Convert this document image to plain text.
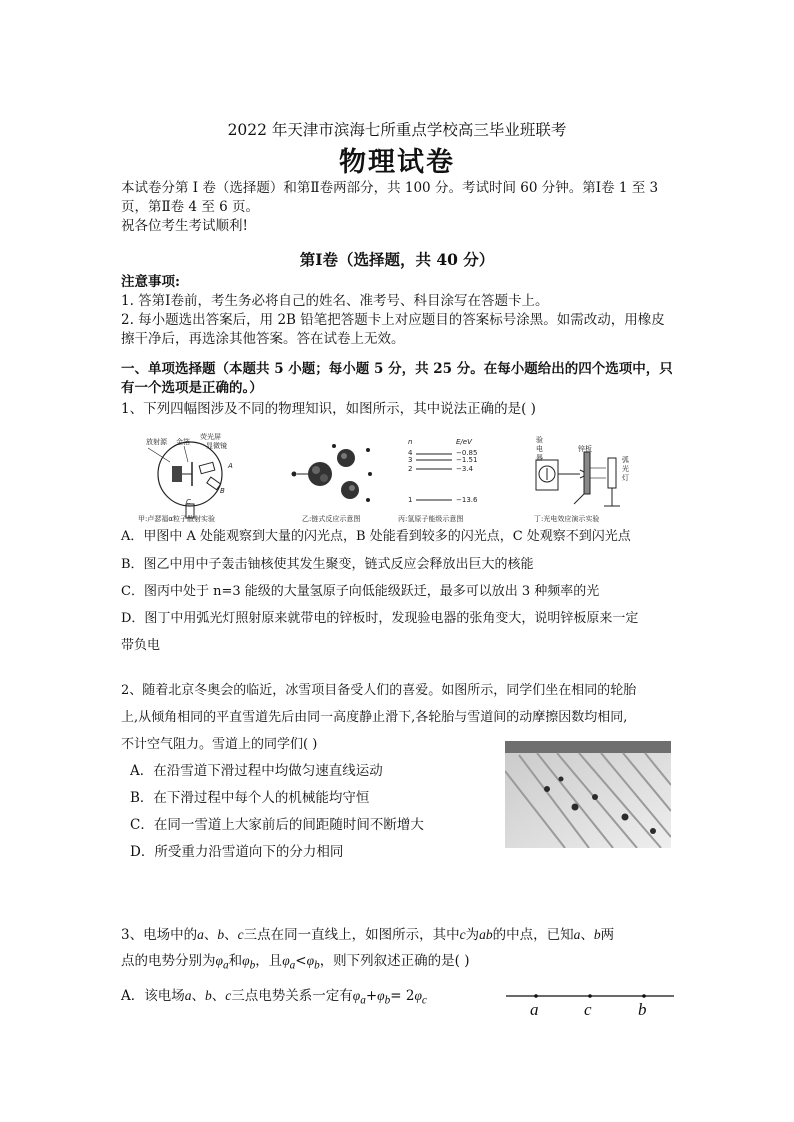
2022 年天津市滨海七所重点学校高三毕业班联考
物理试卷
本试卷分第 I 卷（选择题）和第Ⅱ卷两部分，共 100 分。考试时间 60 分钟。第Ⅰ卷 1 至 3
页，第Ⅱ卷 4 至 6 页。
祝各位考生考试顺利!
第Ⅰ卷（选择题，共 40 分）
注意事项:
1. 答第Ⅰ卷前，考生务必将自己的姓名、准考号、科目涂写在答题卡上。
2. 每小题选出答案后，用 2B 铅笔把答题卡上对应题目的答案标号涂黑。如需改动，用橡皮
擦干净后，再选涂其他答案。答在试卷上无效。
一、单项选择题（本题共 5 小题；每小题 5 分，共 25 分。在每小题给出的四个选项中，只
有一个选项是正确的。）
1、下列四幅图涉及不同的物理知识，如图所示，其中说法正确的是( )
放射源 金箔
荧光屏
显微镜
A
B
C
甲:卢瑟福α粒子散射实验	乙:链式反应示意图
n	E/eV
4	−0.85
3	−1.51
2	−3.4
1	−13.6
丙:氢原子能级示意图
验电器
锌板
弧光灯
丁:光电效应演示实验
A．甲图中 A 处能观察到大量的闪光点，B 处能看到较多的闪光点，C 处观察不到闪光点
B．图乙中用中子轰击铀核使其发生聚变，链式反应会释放出巨大的核能
C．图丙中处于 n=3 能级的大量氢原子向低能级跃迁，最多可以放出 3 种频率的光
D．图丁中用弧光灯照射原来就带电的锌板时，发现验电器的张角变大，说明锌板原来一定
带负电
2、随着北京冬奥会的临近，冰雪项目备受人们的喜爱。如图所示，同学们坐在相同的轮胎
上,从倾角相同的平直雪道先后由同一高度静止滑下,各轮胎与雪道间的动摩擦因数均相同,
不计空气阻力。雪道上的同学们( )
A．在沿雪道下滑过程中均做匀速直线运动
B．在下滑过程中每个人的机械能均守恒
C．在同一雪道上大家前后的间距随时间不断增大
D．所受重力沿雪道向下的分力相同
3、电场中的a、b、c三点在同一直线上，如图所示，其中c为ab的中点，已知a、b两
点的电势分别为$\varphi_a$和$\varphi_b$，且$\varphi_a<\varphi_b$，则下列叙述正确的是( )
A．该电场a、b、c三点电势关系一定有$\varphi_a+\varphi_b= 2\varphi_c$	a	c	b
